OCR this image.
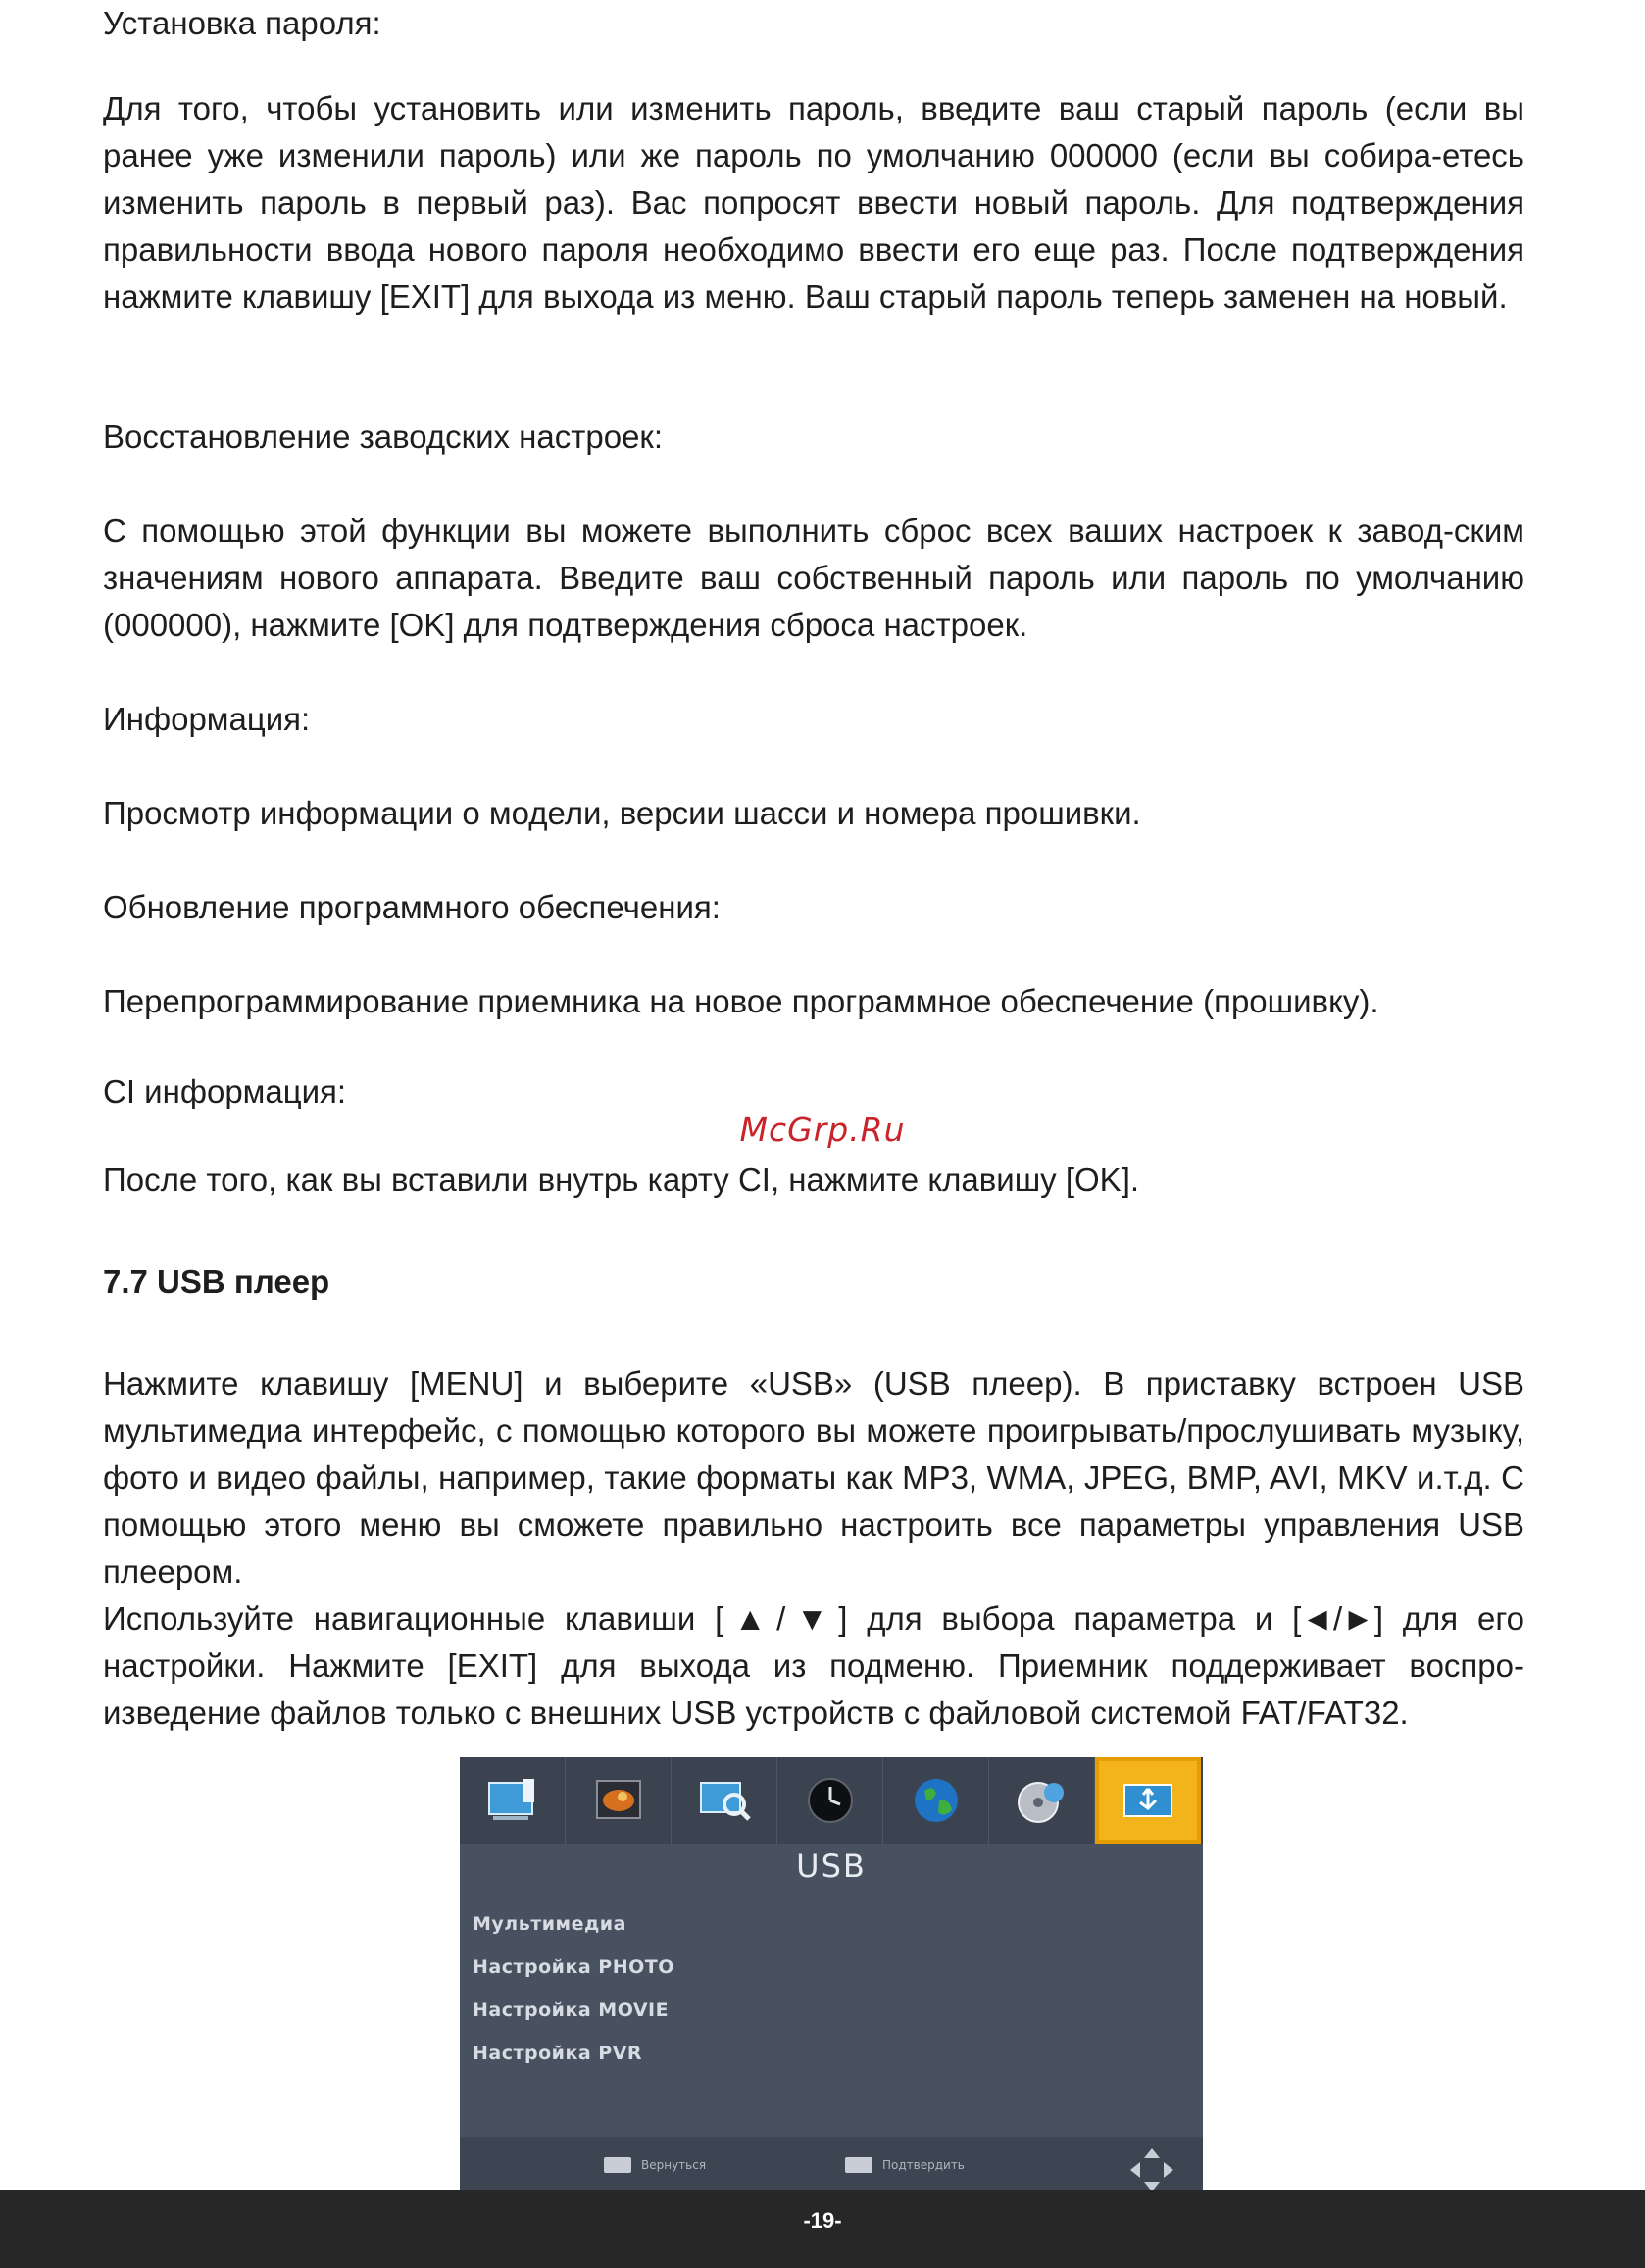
Установка пароля:

Для того, чтобы установить или изменить пароль, введите ваш старый пароль (если вы ранее уже изменили пароль) или же пароль по умолчанию 000000 (если вы собира-етесь изменить пароль в первый раз). Вас попросят ввести новый пароль. Для подтверждения правильности ввода нового пароля необходимо ввести его еще раз. После подтверждения нажмите клавишу [EXIT] для выхода из меню. Ваш старый пароль теперь заменен на новый.

Восстановление заводских настроек:

С помощью этой функции вы можете выполнить сброс всех ваших настроек к завод-ским значениям нового аппарата. Введите ваш собственный пароль или пароль по умолчанию (000000), нажмите [OK] для подтверждения сброса настроек.

Информация:

Просмотр информации о модели, версии шасси и номера прошивки.

Обновление программного обеспечения:

Перепрограммирование приемника на новое программное обеспечение (прошивку).

CI информация:

После того, как вы вставили внутрь карту CI, нажмите клавишу [OK].

7.7 USB плеер

Нажмите клавишу [MENU] и выберите «USB» (USB плеер). В приставку встроен USB мультимедиа интерфейс, с помощью которого вы можете проигрывать/прослушивать музыку, фото и видео файлы, например, такие форматы как MP3, WMA, JPEG, BMP, AVI, MKV и.т.д. С помощью этого меню вы сможете правильно настроить все параметры управления USB плеером.

Используйте навигационные клавиши [▲/▼] для выбора параметра и [◄/►] для его настройки. Нажмите [EXIT] для выхода из подменю. Приемник поддерживает воспро-изведение файлов только с внешних USB устройств с файловой системой FAT/FAT32.

McGrp.Ru
USB
Мультимедиа
Настройка PHOTO
Настройка MOVIE
Настройка PVR
Вернуться	Подтвердить
-19-
